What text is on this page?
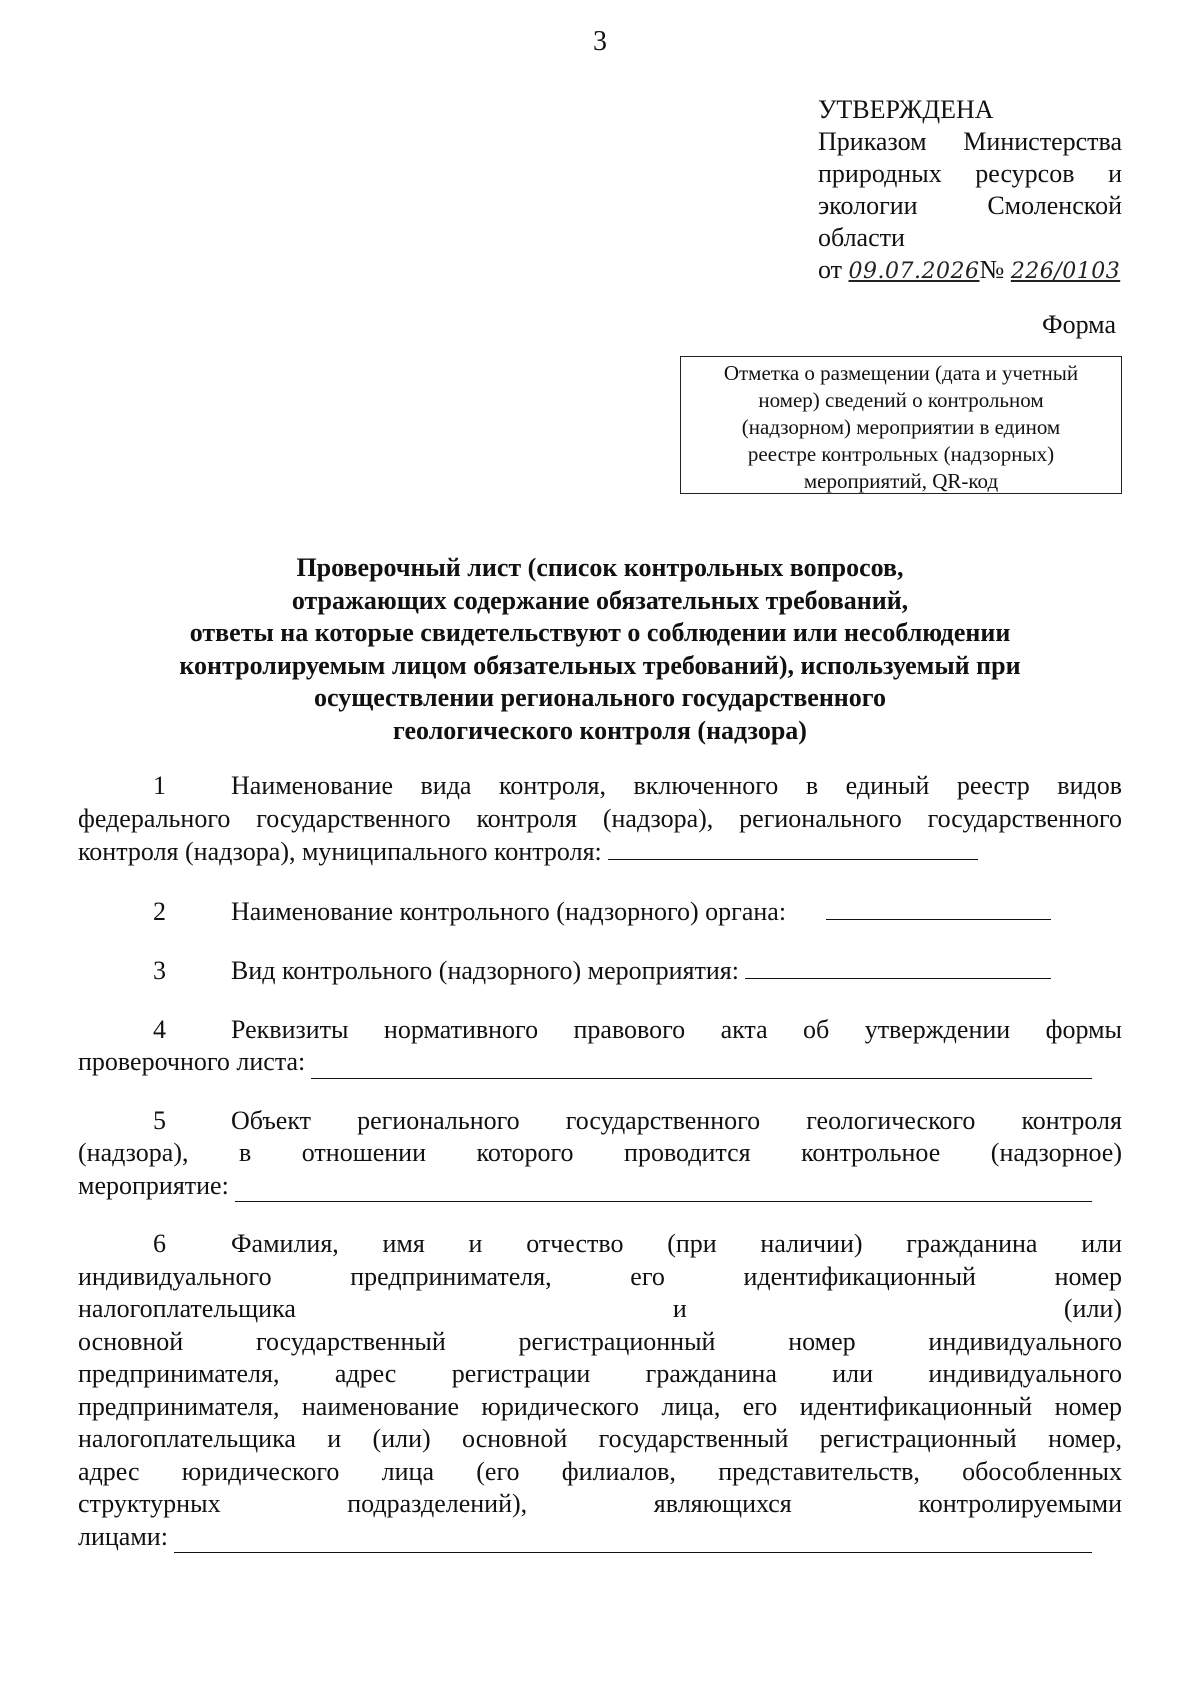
3
УТВЕРЖДЕНА
Приказом Министерства
природных ресурсов и
экологии Смоленской
области
от 09.07.2026№ 226/0103
Форма
Отметка о размещении (дата и учетный
номер) сведений о контрольном
(надзорном) мероприятии в едином
реестре контрольных (надзорных)
мероприятий, QR-код
Проверочный лист (список контрольных вопросов,
отражающих содержание обязательных требований,
ответы на которые свидетельствуют о соблюдении или несоблюдении
контролируемым лицом обязательных требований), используемый при
осуществлении регионального государственного
геологического контроля (надзора)
1	Наименование вида контроля, включенного в единый реестр видов
федерального государственного контроля (надзора), регионального государственного
контроля (надзора), муниципального контроля:
2	Наименование контрольного (надзорного) органа:
3	Вид контрольного (надзорного) мероприятия:
4	Реквизиты нормативного правового акта об утверждении формы
проверочного листа:
5	Объект регионального государственного геологического контроля
(надзора), в отношении которого проводится контрольное (надзорное)
мероприятие:
6	Фамилия, имя и отчество (при наличии) гражданина или
индивидуального предпринимателя, его идентификационный номер
налогоплательщика и (или)
основной государственный регистрационный номер индивидуального
предпринимателя, адрес регистрации гражданина или индивидуального
предпринимателя, наименование юридического лица, его идентификационный номер
налогоплательщика и (или) основной государственный регистрационный номер,
адрес юридического лица (его филиалов, представительств, обособленных
структурных подразделений), являющихся контролируемыми
лицами:
